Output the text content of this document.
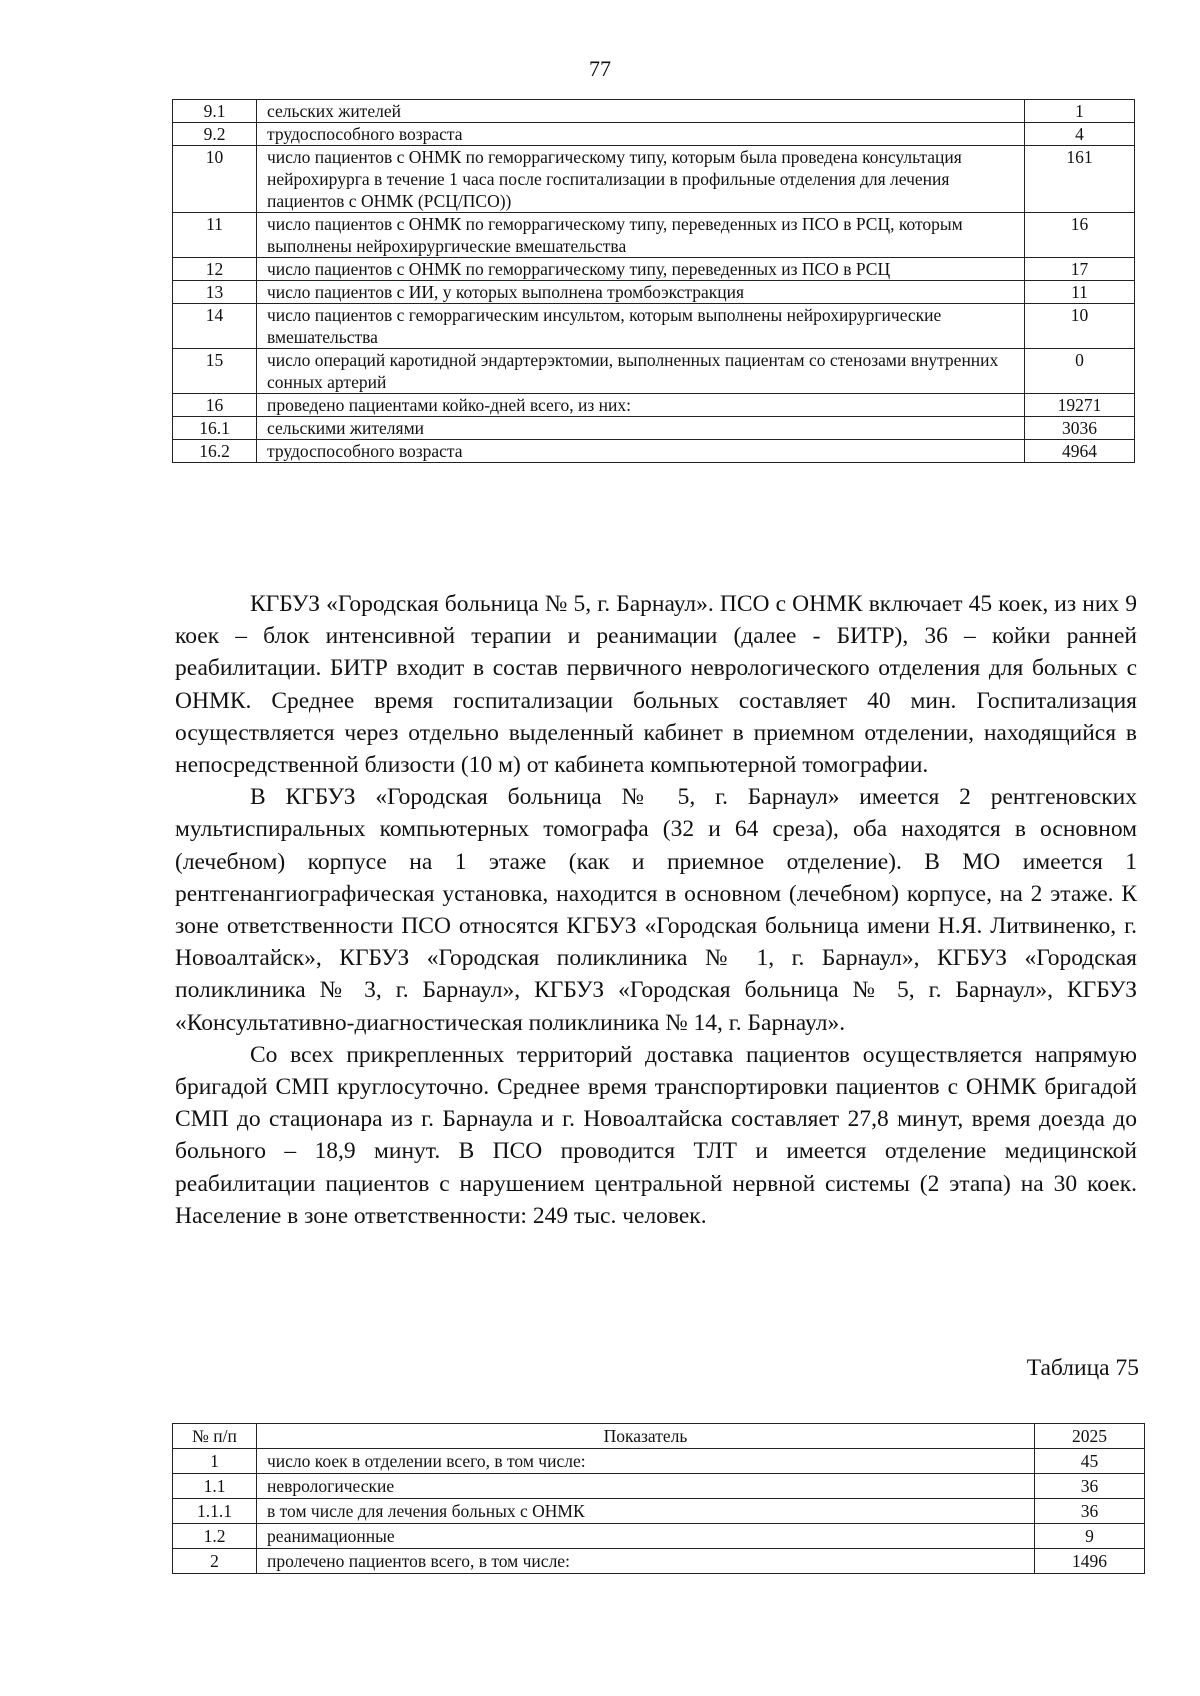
77
9.1	сельских жителей	1
9.2	трудоспособного возраста	4
10	число пациентов с ОНМК по геморрагическому типу, которым была проведена консультация нейрохирурга в течение 1 часа после госпитализации в профильные отделения для лечения пациентов с ОНМК (РСЦ/ПСО))	161
11	число пациентов с ОНМК по геморрагическому типу, переведенных из ПСО в РСЦ, которым выполнены нейрохирургические вмешательства	16
12	число пациентов с ОНМК по геморрагическому типу, переведенных из ПСО в РСЦ	17
13	число пациентов с ИИ, у которых выполнена тромбоэкстракция	11
14	число пациентов с геморрагическим инсультом, которым выполнены нейрохирургические вмешательства	10
15	число операций каротидной эндартерэктомии, выполненных пациентам со стенозами внутренних сонных артерий	0
16	проведено пациентами койко-дней всего, из них:	19271
16.1	сельскими жителями	3036
16.2	трудоспособного возраста	4964

КГБУЗ «Городская больница № 5, г. Барнаул». ПСО с ОНМК включает 45 коек, из них 9 коек – блок интенсивной терапии и реанимации (далее - БИТР), 36 – койки ранней реабилитации. БИТР входит в состав первичного неврологического отделения для больных с ОНМК. Среднее время госпитализации больных составляет 40 мин. Госпитализация осуществляется через отдельно выделенный кабинет в приемном отделении, находящийся в непосредственной близости (10 м) от кабинета компьютерной томографии.

В КГБУЗ «Городская больница № 5, г. Барнаул» имеется 2 рентгеновских мультиспиральных компьютерных томографа (32 и 64 среза), оба находятся в основном (лечебном) корпусе на 1 этаже (как и приемное отделение). В МО имеется 1 рентгенангиографическая установка, находится в основном (лечебном) корпусе, на 2 этаже. К зоне ответственности ПСО относятся КГБУЗ «Городская больница имени Н.Я. Литвиненко, г. Новоалтайск», КГБУЗ «Городская поликлиника № 1, г. Барнаул», КГБУЗ «Городская поликлиника № 3, г. Барнаул», КГБУЗ «Городская больница № 5, г. Барнаул», КГБУЗ «Консультативно-диагностическая поликлиника № 14, г. Барнаул».

Со всех прикрепленных территорий доставка пациентов осуществляется напрямую бригадой СМП круглосуточно. Среднее время транспортировки пациентов с ОНМК бригадой СМП до стационара из г. Барнаула и г. Новоалтайска составляет 27,8 минут, время доезда до больного – 18,9 минут. В ПСО проводится ТЛТ и имеется отделение медицинской реабилитации пациентов с нарушением центральной нервной системы (2 этапа) на 30 коек. Население в зоне ответственности: 249 тыс. человек.

Таблица 75
№ п/п	Показатель	2025
1	число коек в отделении всего, в том числе:	45
1.1	неврологические	36
1.1.1	в том числе для лечения больных с ОНМК	36
1.2	реанимационные	9
2	пролечено пациентов всего, в том числе:	1496
